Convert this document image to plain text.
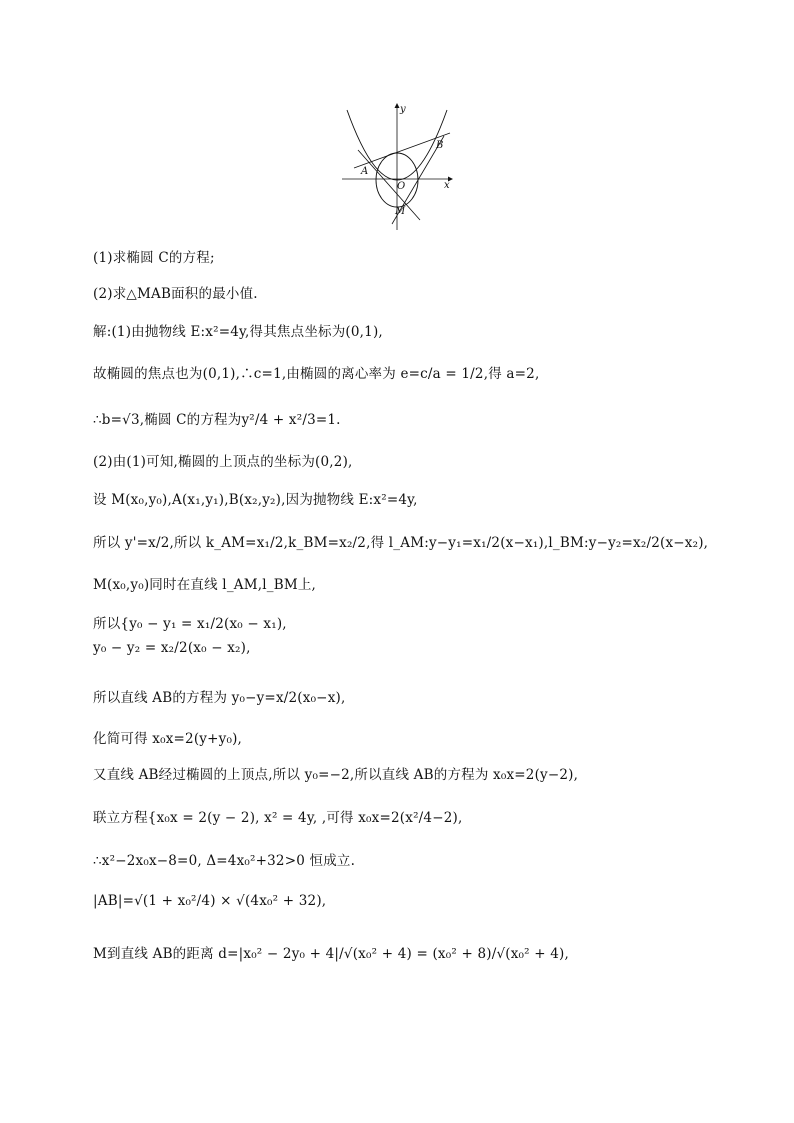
y
x
B
A
O
M
(1)求椭圆 C的方程;
(2)求△MAB面积的最小值.
解:(1)由抛物线 E:x²=4y,得其焦点坐标为(0,1),
故椭圆的焦点也为(0,1),∴c=1,由椭圆的离心率为 e=c/a = 1/2,得 a=2,
∴b=√3,椭圆 C的方程为y²/4 + x²/3=1.
(2)由(1)可知,椭圆的上顶点的坐标为(0,2),
设 M(x₀,y₀),A(x₁,y₁),B(x₂,y₂),因为抛物线 E:x²=4y,
所以 y'=x/2,所以 k_AM=x₁/2,k_BM=x₂/2,得 l_AM:y−y₁=x₁/2(x−x₁),l_BM:y−y₂=x₂/2(x−x₂),
M(x₀,y₀)同时在直线 l_AM,l_BM上,
所以{y₀ − y₁ = x₁/2(x₀ − x₁),
y₀ − y₂ = x₂/2(x₀ − x₂),
所以直线 AB的方程为 y₀−y=x/2(x₀−x),
化简可得 x₀x=2(y+y₀),
又直线 AB经过椭圆的上顶点,所以 y₀=−2,所以直线 AB的方程为 x₀x=2(y−2),
联立方程{x₀x = 2(y − 2), x² = 4y, ,可得 x₀x=2(x²/4−2),
∴x²−2x₀x−8=0, Δ=4x₀²+32>0 恒成立.
|AB|=√(1 + x₀²/4) × √(4x₀² + 32),
M到直线 AB的距离 d=|x₀² − 2y₀ + 4|/√(x₀² + 4) = (x₀² + 8)/√(x₀² + 4),
